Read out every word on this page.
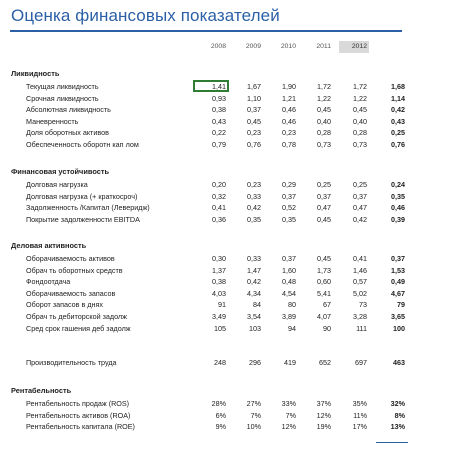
Оценка финансовых показателей
2008	2009	2010	2011	2012
Ликвидность
Текущая ликвидность	1,41	1,67	1,90	1,72	1,72	1,68
Срочная ликвидность	0,93	1,10	1,21	1,22	1,22	1,14
Абсолютная ликвидность	0,38	0,37	0,46	0,45	0,45	0,42
Маневренность	0,43	0,45	0,46	0,40	0,40	0,43
Доля оборотных активов	0,22	0,23	0,23	0,28	0,28	0,25
Обеспеченность оборотн кап лом	0,79	0,76	0,78	0,73	0,73	0,76
Финансовая устойчивость
Долговая нагрузка	0,20	0,23	0,29	0,25	0,25	0,24
Долговая нагрузка (+ краткосроч)	0,32	0,33	0,37	0,37	0,37	0,35
Задолженность /Капитал (Леверидж)	0,41	0,42	0,52	0,47	0,47	0,46
Покрытие задолженности EBITDA	0,36	0,35	0,35	0,45	0,42	0,39
Деловая активность
Оборачиваемость активов	0,30	0,33	0,37	0,45	0,41	0,37
Обрач ть оборотных средств	1,37	1,47	1,60	1,73	1,46	1,53
Фондоотдача	0,38	0,42	0,48	0,60	0,57	0,49
Оборачиваемость запасов	4,03	4,34	4,54	5,41	5,02	4,67
Оборот запасов в днях	91	84	80	67	73	79
Обрач ть дебиторской задолж	3,49	3,54	3,89	4,07	3,28	3,65
Сред срок гашения деб задолж	105	103	94	90	111	100
Производительность труда	248	296	419	652	697	463
Рентабельность
Рентабельность продаж (ROS)	28%	27%	33%	37%	35%	32%
Рентабельность активов (ROA)	6%	7%	7%	12%	11%	8%
Рентабельность капитала (ROE)	9%	10%	12%	19%	17%	13%
